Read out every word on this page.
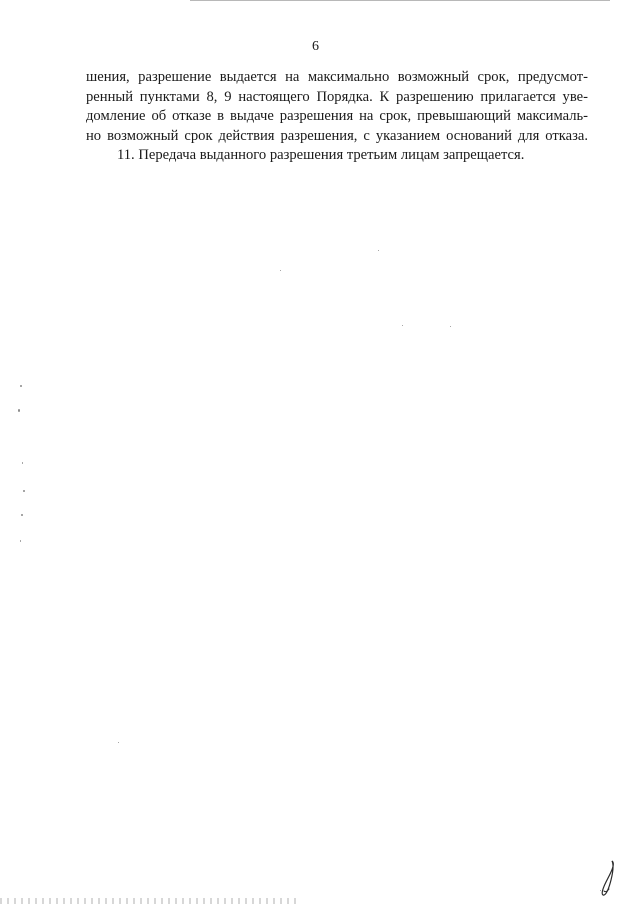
6

шения, разрешение выдается на максимально возможный срок, предусмот-
ренный пунктами 8, 9 настоящего Порядка. К разрешению прилагается уве-
домление об отказе в выдаче разрешения на срок, превышающий максималь-
но возможный срок действия разрешения, с указанием оснований для отказа.

11. Передача выданного разрешения третьим лицам запрещается.
